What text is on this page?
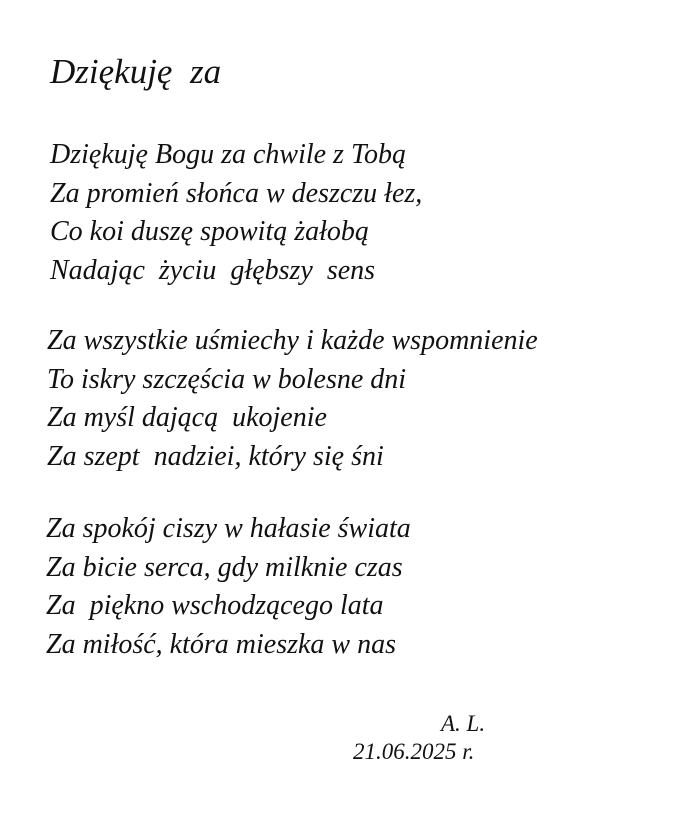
Dziękuję  za
Dziękuję Bogu za chwile z Tobą
Za promień słońca w deszczu łez,
Co koi duszę spowitą żałobą
Nadając  życiu  głębszy  sens
Za wszystkie uśmiechy i każde wspomnienie
To iskry szczęścia w bolesne dni
Za myśl dającą  ukojenie
Za szept  nadziei, który się śni
Za spokój ciszy w hałasie świata
Za bicie serca, gdy milknie czas
Za  piękno wschodzącego lata
Za miłość, która mieszka w nas
A. L.
21.06.2025 r.
